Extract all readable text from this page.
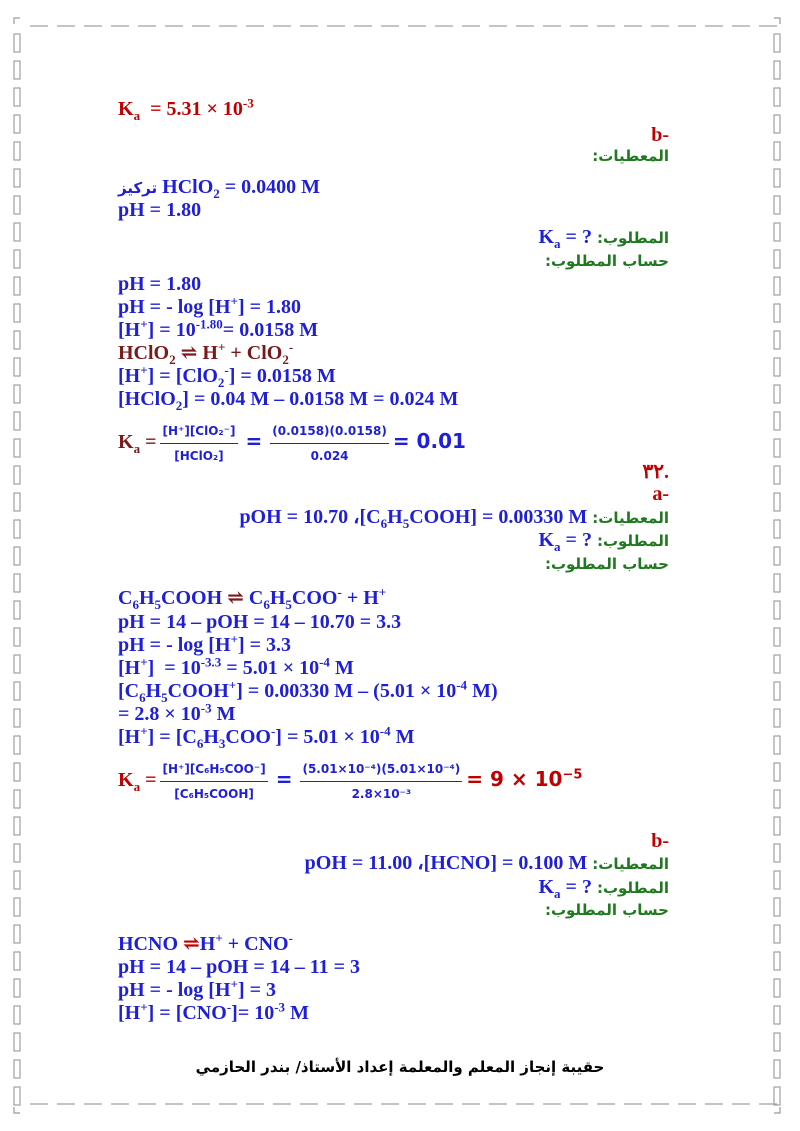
$K_a = 5.31 \times 10^{-3}$
-b
المعطيات:
تركيز HClO$_2$ = 0.0400 M
pH = 1.80
المطلوب: $K_a$ = ?
حساب المطلوب:
pH = 1.80
pH = - log [H+] = 1.80
$[H^+] = 10^{-1.80}= 0.0158$ M
HClO$_2$ ⇌ H+ + ClO$_2$-
[H+] = [ClO$_2$-] = 0.0158 M
[HClO$_2$] = 0.04 M – 0.0158 M = 0.024 M
$K_a = \frac{\text{[H⁺][ClO₂⁻]}}{\text{[HClO₂]}} = \frac{(0.0158)(0.0158)}{0.024} = 0.01$
.٣٢
-a
المعطيات: pOH = 10.70 $،[C_6H_5COOH] = 0.00330$ M
المطلوب: $K_a$ = ?
حساب المطلوب:
$C_6H_5COOH$ ⇌ $C_6H_5COO^- + H^+$
pH = 14 – pOH = 14 – 10.70 = 3.3
pH = - log [H+] = 3.3
$[H^+] = 10^{-3.3} = 5.01 \times 10^{-4}$ M
$[C_6H_5COOH^+] = 0.00330$ $M - (5.01 \times 10^{-4}$ M)
= $2.8 \times 10^{-3}$ M
$[H^+] = [C_6H_3COO^-] = 5.01 \times 10^{-4}$ M
$K_a = \frac{\text{[H⁺][C₆H₅COO⁻]}}{\text{[C₆H₅COOH]}} = \frac{\text{(5.01×10⁻⁴)(5.01×10⁻⁴)}}{\text{2.8×10⁻³}} = 9 \times 10^{-5}$
-b
المعطيات: pOH = 11.00 ،[HCNO] = 0.100 M
المطلوب: $K_a$ = ?
حساب المطلوب:
HCNO ⇌H+ + CNO-
pH = 14 – pOH = 14 – 11 = 3
pH = - log [H+] = 3
$[H^+] = [CNO^-]= 10^{-3}$ M
حقيبة إنجاز المعلم والمعلمة إعداد الأستاذ/ بندر الحازمي
